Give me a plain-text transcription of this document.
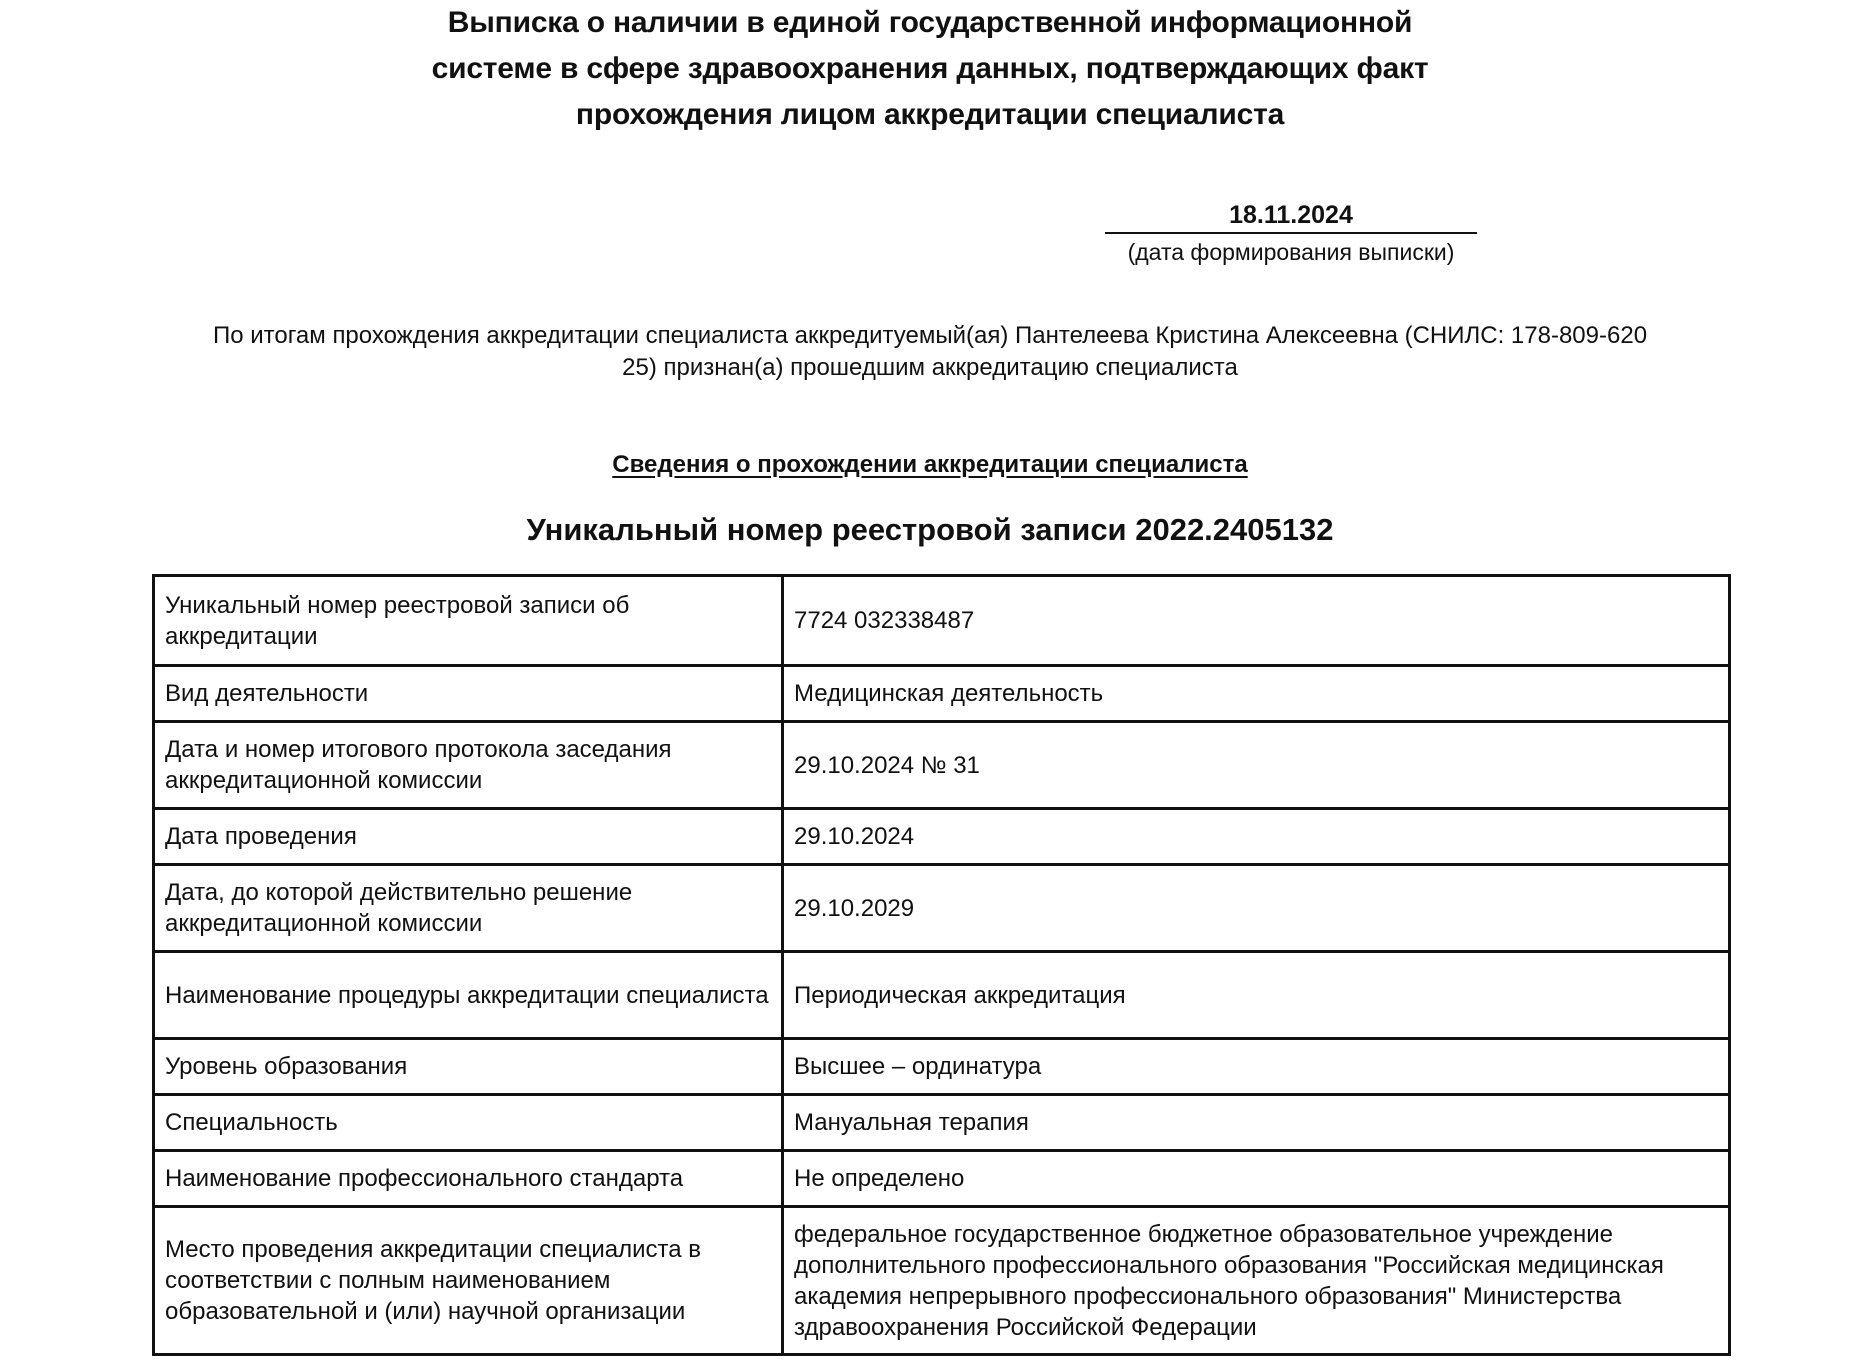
Выписка о наличии в единой государственной информационной
системе в сфере здравоохранения данных, подтверждающих факт
прохождения лицом аккредитации специалиста
18.11.2024
(дата формирования выписки)
По итогам прохождения аккредитации специалиста аккредитуемый(ая) Пантелеева Кристина Алексеевна (СНИЛС: 178-809-620
25) признан(а) прошедшим аккредитацию специалиста
Сведения о прохождении аккредитации специалиста
Уникальный номер реестровой записи 2022.2405132
Уникальный номер реестровой записи об аккредитации	7724 032338487
Вид деятельности	Медицинская деятельность
Дата и номер итогового протокола заседания аккредитационной комиссии	29.10.2024 № 31
Дата проведения	29.10.2024
Дата, до которой действительно решение аккредитационной комиссии	29.10.2029
Наименование процедуры аккредитации специалиста	Периодическая аккредитация
Уровень образования	Высшее – ординатура
Специальность	Мануальная терапия
Наименование профессионального стандарта	Не определено
Место проведения аккредитации специалиста в соответствии с полным наименованием образовательной и (или) научной организации	федеральное государственное бюджетное образовательное учреждение дополнительного профессионального образования "Российская медицинская академия непрерывного профессионального образования" Министерства здравоохранения Российской Федерации
